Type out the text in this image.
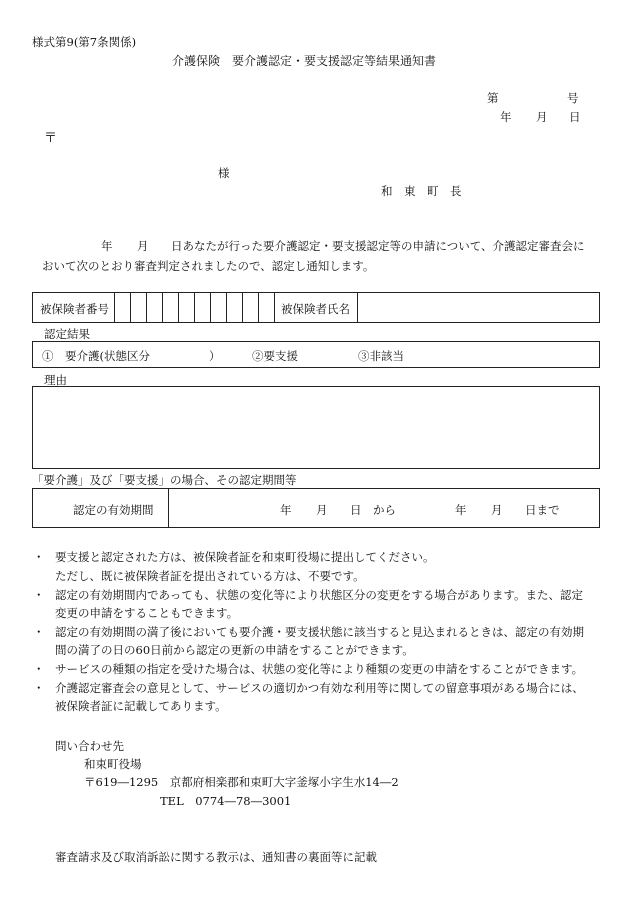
様式第9(第7条関係)
介護保険　要介護認定・要支援認定等結果通知書
第	号
年 月 日
〒
様
和　東　町　長
年 月 日あなたが行った要介護認定・要支援認定等の申請について、介護認定審査会に
おいて次のとおり審査判定されましたので、認定し通知します。
被保険者番号	被保険者氏名
認定結果
①　要介護(状態区分	）	②要支援	③非該当
理由
「要介護」及び「要支援」の場合、その認定期間等
認定の有効期間	年 月 日 から	年 月 日まで
・ 要支援と認定された方は、被保険者証を和束町役場に提出してください。
ただし、既に被保険者証を提出されている方は、不要です。
・ 認定の有効期間内であっても、状態の変化等により状態区分の変更をする場合があります。また、認定
変更の申請をすることもできます。
・ 認定の有効期間の満了後においても要介護・要支援状態に該当すると見込まれるときは、認定の有効期
間の満了の日の60日前から認定の更新の申請をすることができます。
・ サービスの種類の指定を受けた場合は、状態の変化等により種類の変更の申請をすることができます。
・ 介護認定審査会の意見として、サービスの適切かつ有効な利用等に関しての留意事項がある場合には、
被保険者証に記載してあります。
問い合わせ先
和束町役場
〒619―1295　京都府相楽郡和束町大字釜塚小字生水14―2
TEL　0774―78―3001
審査請求及び取消訴訟に関する教示は、通知書の裏面等に記載
